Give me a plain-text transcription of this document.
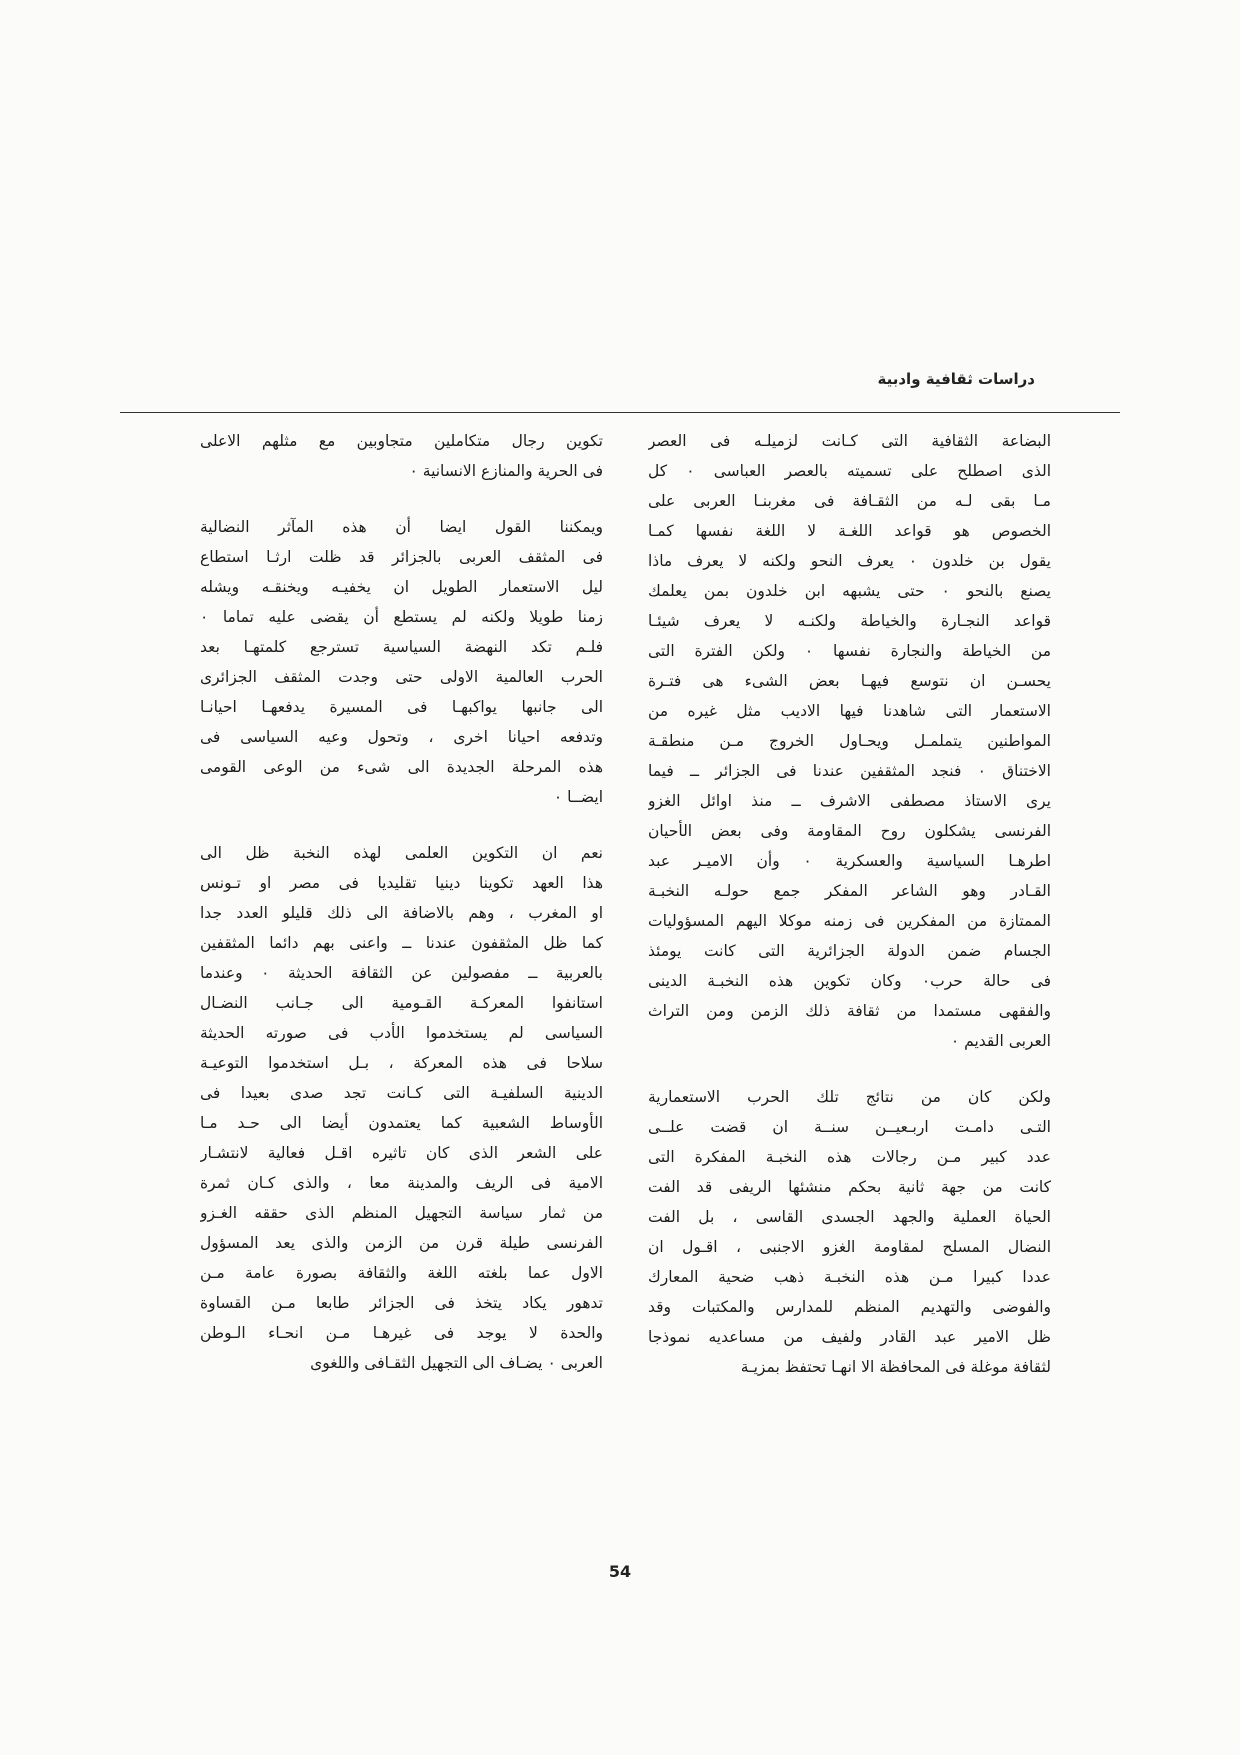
دراسات ثقافية وادبية
البضاعة الثقافية التى كـانت لزميلـه فى العصر
الذى اصطلح على تسميته بالعصر العباسى ٠ كل
مـا بقى لـه من الثقـافة فى مغربنـا العربى على
الخصوص هو قواعد اللغـة لا اللغة نفسها كمـا
يقول بن خلدون ٠ يعرف النحو ولكنه لا يعرف ماذا
يصنع بالنحو ٠ حتى يشبهه ابن خلدون بمن يعلمك
قواعد النجـارة والخياطة ولكنـه لا يعرف شيئـا
من الخياطة والنجارة نفسها ٠ ولكن الفترة التى
يحسـن ان نتوسع فيهـا بعض الشىء هى فتـرة
الاستعمار التى شاهدنا فيها الاديب مثل غيره من
المواطنين يتملمـل ويحـاول الخروج مـن منطقـة
الاختناق ٠ فنجد المثقفين عندنا فى الجزائر ــ فيما
يرى الاستاذ مصطفى الاشرف ــ منذ اوائل الغزو
الفرنسى يشكلون روح المقاومة وفى بعض الأحيان
اطرهـا السياسية والعسكرية ٠ وأن الاميـر عبد
القـادر وهو الشاعر المفكر جمع حولـه النخبـة
الممتازة من المفكرين فى زمنه موكلا اليهم المسؤوليات
الجسام ضمن الدولة الجزائرية التى كانت يومئذ
فى حالة حرب٠ وكان تكوين هذه النخبـة الدينى
والفقهى مستمدا من ثقافة ذلك الزمن ومن التراث
العربى القديم ٠
ولكن كان من نتائج تلك الحرب الاستعمارية
التـى دامـت اربـعيــن سنــة ان قضت علــى
عدد كبير مـن رجالات هذه النخبـة المفكرة التى
كانت من جهة ثانية بحكم منشئها الريفى قد الفت
الحياة العملية والجهد الجسدى القاسى ، بل الفت
النضال المسلح لمقاومة الغزو الاجنبى ، اقـول ان
عددا كبيرا مـن هذه النخبـة ذهب ضحية المعارك
والفوضى والتهديم المنظم للمدارس والمكتبات وقد
ظل الامير عبد القادر ولفيف من مساعديه نموذجا
لثقافة موغلة فى المحافظة الا انهـا تحتفظ بمزيـة
تكوين رجال متكاملين متجاوبين مع مثلهم الاعلى
فى الحرية والمنازع الانسانية ٠
ويمكننا القول ايضا أن هذه المآثر النضالية
فى المثقف العربى بالجزائر قد ظلت ارثـا استطاع
ليل الاستعمار الطويل ان يخفيـه ويخنقـه ويشله
زمنا طويلا ولكنه لم يستطع أن يقضى عليه تماما ٠
فلـم تكد النهضة السياسية تسترجع كلمتهـا بعد
الحرب العالمية الاولى حتى وجدت المثقف الجزائرى
الى جانبها يواكبهـا فى المسيرة يدفعهـا احيانـا
وتدفعه احيانا اخرى ، وتحول وعيه السياسى فى
هذه المرحلة الجديدة الى شىء من الوعى القومى
ايضــا ٠
نعم ان التكوين العلمى لهذه النخبة ظل الى
هذا العهد تكوينا دينيا تقليديا فى مصر او تـونس
او المغرب ، وهم بالاضافة الى ذلك قليلو العدد جدا
كما ظل المثقفون عندنا ــ واعنى بهم دائما المثقفين
بالعربية ــ مفصولين عن الثقافة الحديثة ٠ وعندما
استانفوا المعركـة القـومية الى جـانب النضـال
السياسى لم يستخدموا الأدب فى صورته الحديثة
سلاحا فى هذه المعركة ، بـل استخدموا التوعيـة
الدينية السلفيـة التى كـانت تجد صدى بعيدا فى
الأوساط الشعبية كما يعتمدون أيضا الى حـد مـا
على الشعر الذى كان تاثيره اقـل فعالية لانتشـار
الامية فى الريف والمدينة معا ، والذى كـان ثمرة
من ثمار سياسة التجهيل المنظم الذى حققه الغـزو
الفرنسى طيلة قرن من الزمن والذى يعد المسؤول
الاول عما بلغته اللغة والثقافة بصورة عامة مـن
تدهور يكاد يتخذ فى الجزائر طابعا مـن القساوة
والحدة لا يوجد فى غيرهـا مـن انحـاء الـوطن
العربى ٠ يضـاف الى التجهيل الثقـافى واللغوى
54
